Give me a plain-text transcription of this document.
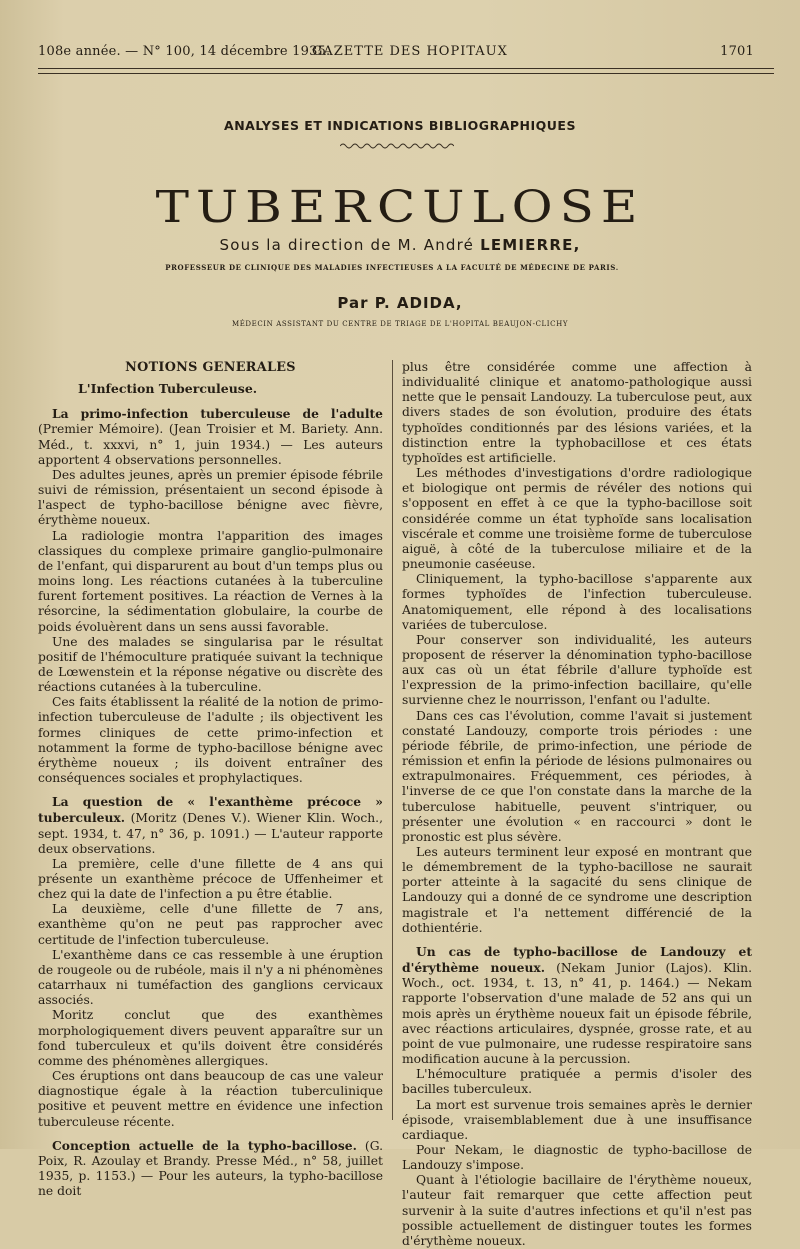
108e année. — N° 100, 14 décembre 1935.
GAZETTE DES HOPITAUX	1701
ANALYSES ET INDICATIONS BIBLIOGRAPHIQUES
TUBERCULOSE
Sous la direction de M. André LEMIERRE,
PROFESSEUR DE CLINIQUE DES MALADIES INFECTIEUSES A LA FACULTÉ DE MÉDECINE DE PARIS.
Par P. ADIDA,
MÉDECIN ASSISTANT DU CENTRE DE TRIAGE DE L'HOPITAL BEAUJON-CLICHY
NOTIONS GENERALES
L'Infection Tuberculeuse.

La primo-infection tuberculeuse de l'adulte (Premier Mémoire). (Jean Troisier et M. Bariety. Ann. Méd., t. xxxvi, n° 1, juin 1934.) — Les auteurs apportent 4 observations personnelles.

Des adultes jeunes, après un premier épisode fébrile suivi de rémission, présentaient un second épisode à l'aspect de typho-bacillose bénigne avec fièvre, érythème noueux.

La radiologie montra l'apparition des images classiques du complexe primaire ganglio-pulmonaire de l'enfant, qui disparurent au bout d'un temps plus ou moins long. Les réactions cutanées à la tuberculine furent fortement positives. La réaction de Vernes à la résorcine, la sédimentation globulaire, la courbe de poids évoluèrent dans un sens aussi favorable.

Une des malades se singularisa par le résultat positif de l'hémoculture pratiquée suivant la technique de Lœwenstein et la réponse négative ou discrète des réactions cutanées à la tuberculine.

Ces faits établissent la réalité de la notion de primo-infection tuberculeuse de l'adulte ; ils objectivent les formes cliniques de cette primo-infection et notamment la forme de typho-bacillose bénigne avec érythème noueux ; ils doivent entraîner des conséquences sociales et prophylactiques.

La question de « l'exanthème précoce » tuberculeux. (Moritz (Denes V.). Wiener Klin. Woch., sept. 1934, t. 47, n° 36, p. 1091.) — L'auteur rapporte deux observations.

La première, celle d'une fillette de 4 ans qui présente un exanthème précoce de Uffenheimer et chez qui la date de l'infection a pu être établie.

La deuxième, celle d'une fillette de 7 ans, exanthème qu'on ne peut pas rapprocher avec certitude de l'infection tuberculeuse.

L'exanthème dans ce cas ressemble à une éruption de rougeole ou de rubéole, mais il n'y a ni phénomènes catarrhaux ni tuméfaction des ganglions cervicaux associés.

Moritz conclut que des exanthèmes morphologiquement divers peuvent apparaître sur un fond tuberculeux et qu'ils doivent être considérés comme des phénomènes allergiques.

Ces éruptions ont dans beaucoup de cas une valeur diagnostique égale à la réaction tuberculinique positive et peuvent mettre en évidence une infection tuberculeuse récente.

Conception actuelle de la typho-bacillose. (G. Poix, R. Azoulay et Brandy. Presse Méd., n° 58, juillet 1935, p. 1153.) — Pour les auteurs, la typho-bacillose ne doit

plus être considérée comme une affection à individualité clinique et anatomo-pathologique aussi nette que le pensait Landouzy. La tuberculose peut, aux divers stades de son évolution, produire des états typhoïdes conditionnés par des lésions variées, et la distinction entre la typhobacillose et ces états typhoïdes est artificielle.

Les méthodes d'investigations d'ordre radiologique et biologique ont permis de révéler des notions qui s'opposent en effet à ce que la typho-bacillose soit considérée comme un état typhoïde sans localisation viscérale et comme une troisième forme de tuberculose aiguë, à côté de la tuberculose miliaire et de la pneumonie caséeuse.

Cliniquement, la typho-bacillose s'apparente aux formes typhoïdes de l'infection tuberculeuse. Anatomiquement, elle répond à des localisations variées de tuberculose.

Pour conserver son individualité, les auteurs proposent de réserver la dénomination typho-bacillose aux cas où un état fébrile d'allure typhoïde est l'expression de la primo-infection bacillaire, qu'elle survienne chez le nourrisson, l'enfant ou l'adulte.

Dans ces cas l'évolution, comme l'avait si justement constaté Landouzy, comporte trois périodes : une période fébrile, de primo-infection, une période de rémission et enfin la période de lésions pulmonaires ou extrapulmonaires. Fréquemment, ces périodes, à l'inverse de ce que l'on constate dans la marche de la tuberculose habituelle, peuvent s'intriquer, ou présenter une évolution « en raccourci » dont le pronostic est plus sévère.

Les auteurs terminent leur exposé en montrant que le démembrement de la typho-bacillose ne saurait porter atteinte à la sagacité du sens clinique de Landouzy qui a donné de ce syndrome une description magistrale et l'a nettement différencié de la dothientérie.

Un cas de typho-bacillose de Landouzy et d'érythème noueux. (Nekam Junior (Lajos). Klin. Woch., oct. 1934, t. 13, n° 41, p. 1464.) — Nekam rapporte l'observation d'une malade de 52 ans qui un mois après un érythème noueux fait un épisode fébrile, avec réactions articulaires, dyspnée, grosse rate, et au point de vue pulmonaire, une rudesse respiratoire sans modification aucune à la percussion.

L'hémoculture pratiquée a permis d'isoler des bacilles tuberculeux.

La mort est survenue trois semaines après le dernier épisode, vraisemblablement due à une insuffisance cardiaque.

Pour Nekam, le diagnostic de typho-bacillose de Landouzy s'impose.

Quant à l'étiologie bacillaire de l'érythème noueux, l'auteur fait remarquer que cette affection peut survenir à la suite d'autres infections et qu'il n'est pas possible actuellement de distinguer toutes les formes d'érythème noueux.
